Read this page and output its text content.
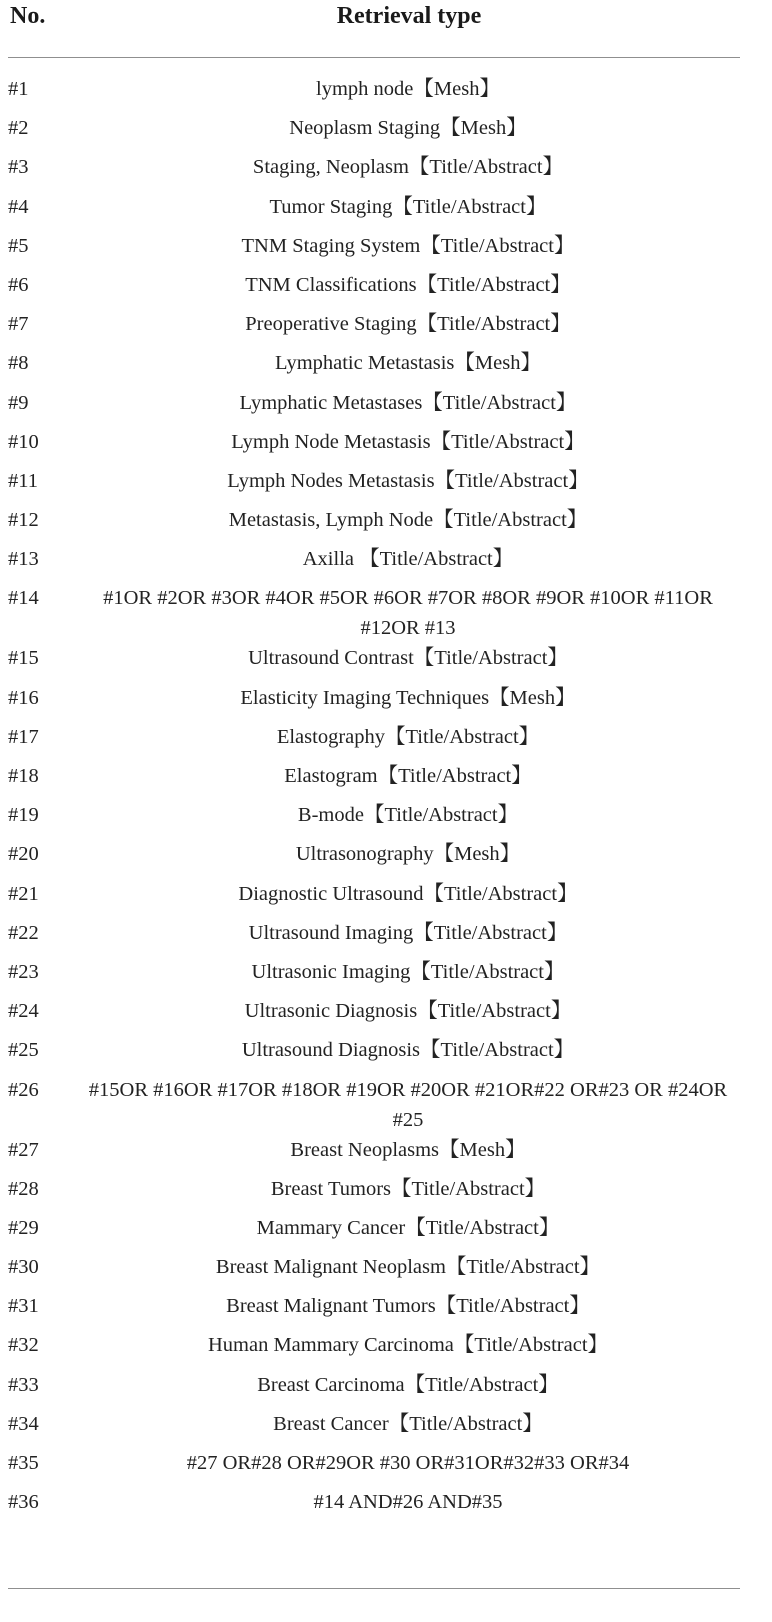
No.	Retrieval type
#1	lymph node【Mesh】
#2	Neoplasm Staging【Mesh】
#3	Staging, Neoplasm【Title/Abstract】
#4	Tumor Staging【Title/Abstract】
#5	TNM Staging System【Title/Abstract】
#6	TNM Classifications【Title/Abstract】
#7	Preoperative Staging【Title/Abstract】
#8	Lymphatic Metastasis【Mesh】
#9	Lymphatic Metastases【Title/Abstract】
#10	Lymph Node Metastasis【Title/Abstract】
#11	Lymph Nodes Metastasis【Title/Abstract】
#12	Metastasis, Lymph Node【Title/Abstract】
#13	Axilla 【Title/Abstract】
#14	#1OR #2OR #3OR #4OR #5OR #6OR #7OR #8OR #9OR #10OR #11OR #12OR #13
#15	Ultrasound Contrast【Title/Abstract】
#16	Elasticity Imaging Techniques【Mesh】
#17	Elastography【Title/Abstract】
#18	Elastogram【Title/Abstract】
#19	B-mode【Title/Abstract】
#20	Ultrasonography【Mesh】
#21	Diagnostic Ultrasound【Title/Abstract】
#22	Ultrasound Imaging【Title/Abstract】
#23	Ultrasonic Imaging【Title/Abstract】
#24	Ultrasonic Diagnosis【Title/Abstract】
#25	Ultrasound Diagnosis【Title/Abstract】
#26	#15OR #16OR #17OR #18OR #19OR #20OR #21OR#22 OR#23 OR #24OR #25
#27	Breast Neoplasms【Mesh】
#28	Breast Tumors【Title/Abstract】
#29	Mammary Cancer【Title/Abstract】
#30	Breast Malignant Neoplasm【Title/Abstract】
#31	Breast Malignant Tumors【Title/Abstract】
#32	Human Mammary Carcinoma【Title/Abstract】
#33	Breast Carcinoma【Title/Abstract】
#34	Breast Cancer【Title/Abstract】
#35	#27 OR#28 OR#29OR #30 OR#31OR#32#33 OR#34
#36	#14 AND#26 AND#35
